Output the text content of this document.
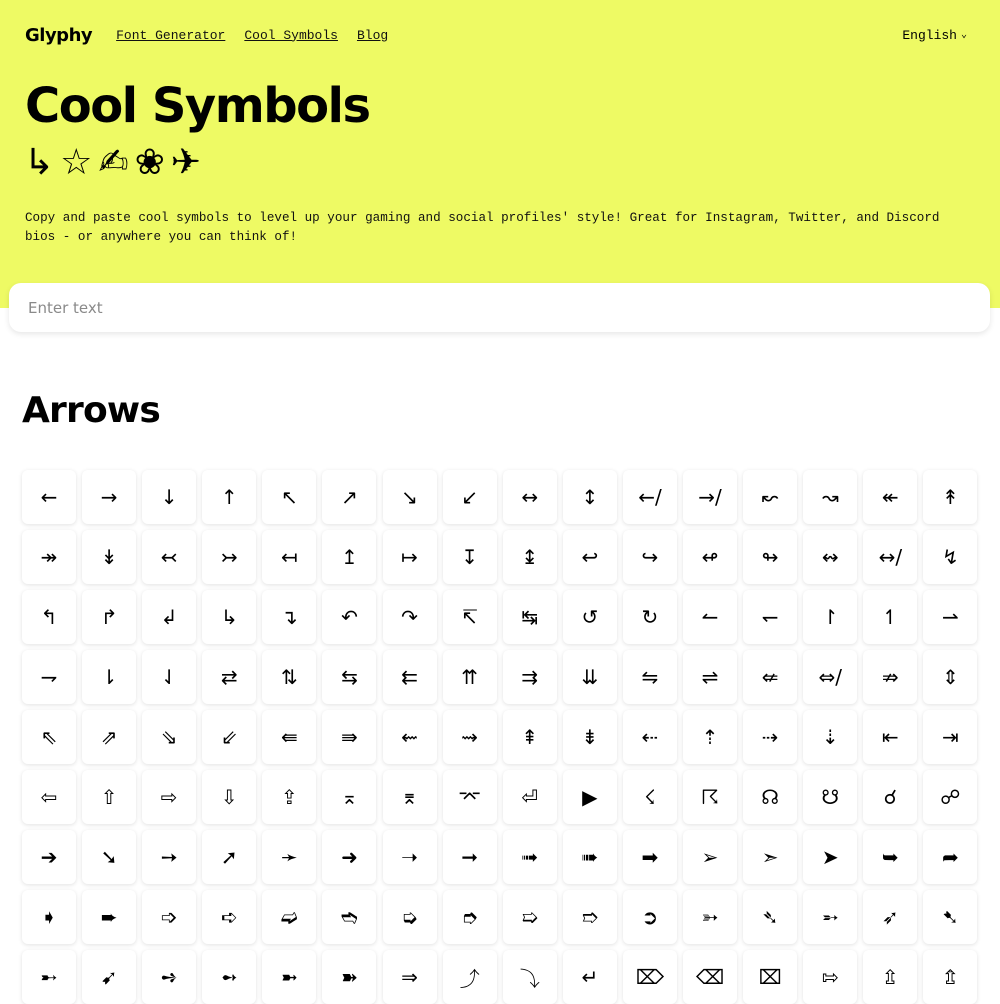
Glyphy Font Generator Cool Symbols Blog	English ⌄
Cool Symbols
↳☆✍❀✈

Copy and paste cool symbols to level up your gaming and social profiles' style! Great for Instagram, Twitter, and Discord bios - or anywhere you can think of!

Enter text
Arrows
←	→	↓	↑	↖	↗	↘	↙	↔	↕	←/	→/	↜	↝	↞	↟
↠	↡	↢	↣	↤	↥	↦	↧	↨	↩	↪	↫	↬	↭	↔/	↯
↰	↱	↲	↳	↴	↶	↷	↸	↹	↺	↻	↼	↽	↾	↿	⇀
⇁	⇂	⇃	⇄	⇅	⇆	⇇	⇈	⇉	⇊	⇋	⇌	⇍	⇔/	⇏	⇕
⇖	⇗	⇘	⇙	⇚	⇛	⇜	⇝	⇞	⇟	⇠	⇡	⇢	⇣	⇤	⇥
⇦	⇧	⇨	⇩	⇪	⌅	⌆	⌤	⏎	▶	☇	☈	☊	☋	☌	☍
➔	➘	➙	➚	➛	➜	➝	➞	➟	➠	➡	➢	➣	➤	➥	➦
➧	➨	➩	➪	➫	➬	➭	➮	➯	➱	➲	➳	➴	➵	➶	➷
➸	➹	➺	➻	➼	➽	⇒	⤴	⤵	↵	⌦	⌫	⌧	⇰	⇫	⇬
